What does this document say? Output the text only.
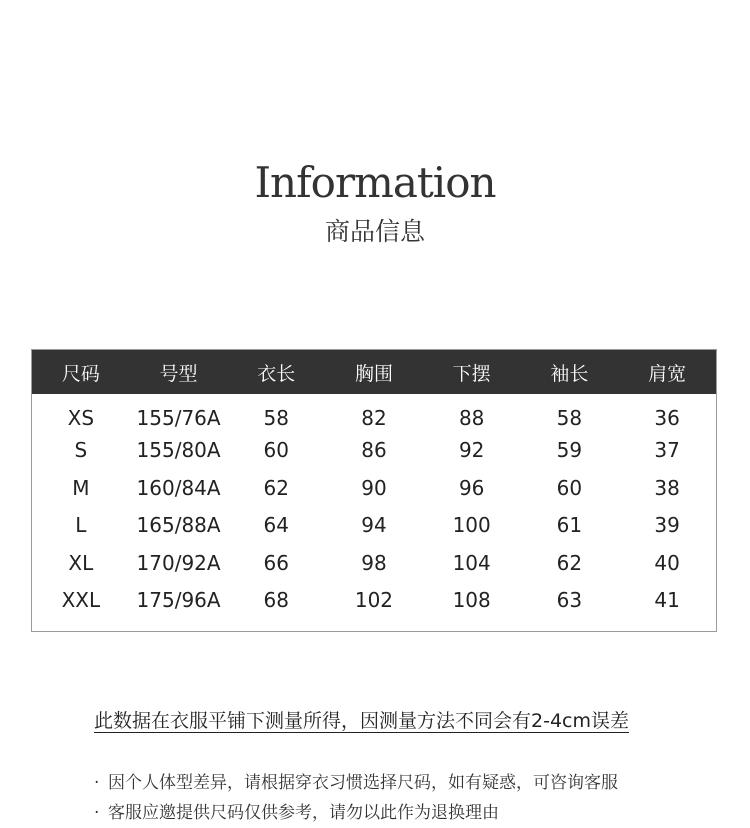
Information
商品信息
尺码	号型	衣长	胸围	下摆	袖长	肩宽
XS	155/76A	58	82	88	58	36
S	155/80A	60	86	92	59	37
M	160/84A	62	90	96	60	38
L	165/88A	64	94	100	61	39
XL	170/92A	66	98	104	62	40
XXL	175/96A	68	102	108	63	41
此数据在衣服平铺下测量所得，因测量方法不同会有2-4cm误差
· 因个人体型差异，请根据穿衣习惯选择尺码，如有疑惑，可咨询客服
· 客服应邀提供尺码仅供参考，请勿以此作为退换理由
